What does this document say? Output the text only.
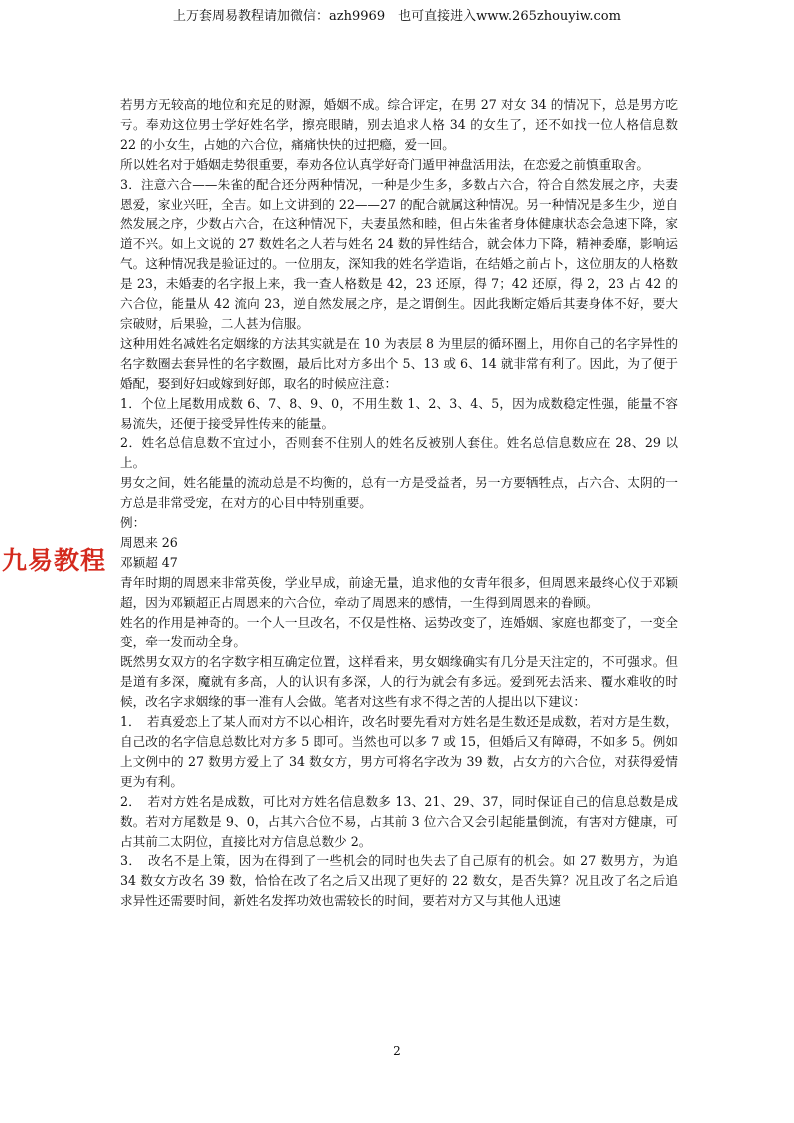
上万套周易教程请加微信：azh9969　也可直接进入www.265zhouyiw.com

若男方无较高的地位和充足的财源，婚姻不成。综合评定，在男 27 对女 34 的情况下，总是男方吃亏。奉劝这位男士学好姓名学，擦亮眼睛，别去追求人格 34 的女生了，还不如找一位人格信息数 22 的小女生，占她的六合位，痛痛快快的过把瘾，爱一回。

所以姓名对于婚姻走势很重要，奉劝各位认真学好奇门遁甲神盘活用法，在恋爱之前慎重取舍。

3．注意六合——朱雀的配合还分两种情况，一种是少生多，多数占六合，符合自然发展之序，夫妻恩爱，家业兴旺，全吉。如上文讲到的 22——27 的配合就属这种情况。另一种情况是多生少，逆自然发展之序，少数占六合，在这种情况下，夫妻虽然和睦，但占朱雀者身体健康状态会急速下降，家道不兴。如上文说的 27 数姓名之人若与姓名 24 数的异性结合，就会体力下降，精神委靡，影响运气。这种情况我是验证过的。一位朋友，深知我的姓名学造诣，在结婚之前占卜，这位朋友的人格数是 23，未婚妻的名字报上来，我一查人格数是 42，23 还原，得 7；42 还原，得 2，23 占 42 的六合位，能量从 42 流向 23，逆自然发展之序，是之谓倒生。因此我断定婚后其妻身体不好，要大宗破财，后果验，二人甚为信服。

这种用姓名减姓名定姻缘的方法其实就是在 10 为表层 8 为里层的循环圈上，用你自己的名字异性的名字数圈去套异性的名字数圈，最后比对方多出个 5、13 或 6、14 就非常有利了。因此，为了便于婚配，娶到好妇或嫁到好郎，取名的时候应注意：

1．个位上尾数用成数 6、7、8、9、0，不用生数 1、2、3、4、5，因为成数稳定性强，能量不容易流失，还便于接受异性传来的能量。

2．姓名总信息数不宜过小，否则套不住别人的姓名反被别人套住。姓名总信息数应在 28、29 以上。

男女之间，姓名能量的流动总是不均衡的，总有一方是受益者，另一方要牺牲点，占六合、太阴的一方总是非常受宠，在对方的心目中特别重要。

例：

周恩来 26

邓颖超 47

青年时期的周恩来非常英俊，学业早成，前途无量，追求他的女青年很多，但周恩来最终心仪于邓颖超，因为邓颖超正占周恩来的六合位，牵动了周恩来的感情，一生得到周恩来的眷顾。

姓名的作用是神奇的。一个人一旦改名，不仅是性格、运势改变了，连婚姻、家庭也都变了，一变全变，牵一发而动全身。

既然男女双方的名字数字相互确定位置，这样看来，男女姻缘确实有几分是天注定的，不可强求。但是道有多深，魔就有多高，人的认识有多深，人的行为就会有多远。爱到死去活来、覆水难收的时候，改名字求姻缘的事一准有人会做。笔者对这些有求不得之苦的人提出以下建议：

1．　若真爱恋上了某人而对方不以心相许，改名时要先看对方姓名是生数还是成数，若对方是生数，自己改的名字信息总数比对方多 5 即可。当然也可以多 7 或 15，但婚后又有障碍，不如多 5。例如上文例中的 27 数男方爱上了 34 数女方，男方可将名字改为 39 数，占女方的六合位，对获得爱情更为有利。

2．　若对方姓名是成数，可比对方姓名信息数多 13、21、29、37，同时保证自己的信息总数是成数。若对方尾数是 9、0，占其六合位不易，占其前 3 位六合又会引起能量倒流，有害对方健康，可占其前二太阴位，直接比对方信息总数少 2。

3．　改名不是上策，因为在得到了一些机会的同时也失去了自己原有的机会。如 27 数男方，为追 34 数女方改名 39 数，恰恰在改了名之后又出现了更好的 22 数女，是否失算？况且改了名之后追求异性还需要时间，新姓名发挥功效也需较长的时间，要若对方又与其他人迅速

九易教程
2
